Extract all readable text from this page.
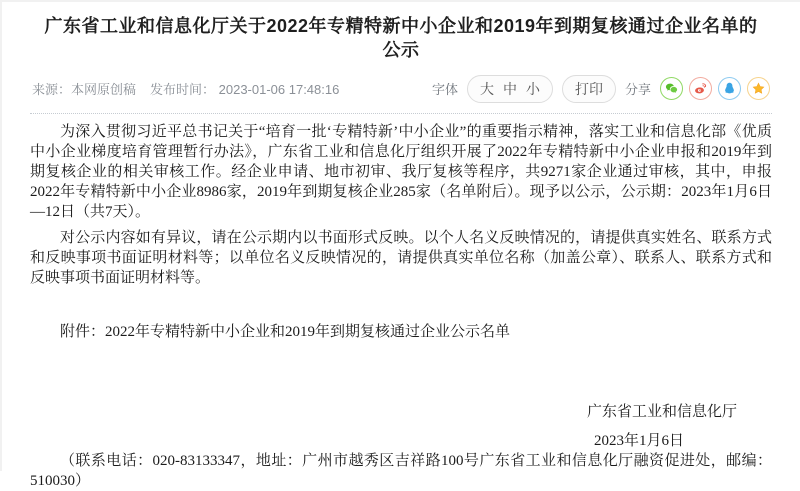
广东省工业和信息化厅关于2022年专精特新中小企业和2019年到期复核通过企业名单的公示
来源：本网原创稿 发布时间： 2023-01-06 17:48:16	字体 大 中 小	打印	分享

为深入贯彻习近平总书记关于“培育一批‘专精特新’中小企业”的重要指示精神，落实工业和信息化部《优质中小企业梯度培育管理暂行办法》，广东省工业和信息化厅组织开展了2022年专精特新中小企业申报和2019年到期复核企业的相关审核工作。经企业申请、地市初审、我厅复核等程序，共9271家企业通过审核，其中，申报2022年专精特新中小企业8986家，2019年到期复核企业285家（名单附后）。现予以公示，公示期：2023年1月6日—12日（共7天）。

对公示内容如有异议，请在公示期内以书面形式反映。以个人名义反映情况的，请提供真实姓名、联系方式和反映事项书面证明材料等；以单位名义反映情况的，请提供真实单位名称（加盖公章）、联系人、联系方式和反映事项书面证明材料等。

附件：2022年专精特新中小企业和2019年到期复核通过企业公示名单
广东省工业和信息化厅
2023年1月6日

（联系电话：020-83133347，地址：广州市越秀区吉祥路100号广东省工业和信息化厅融资促进处，邮编：510030）
